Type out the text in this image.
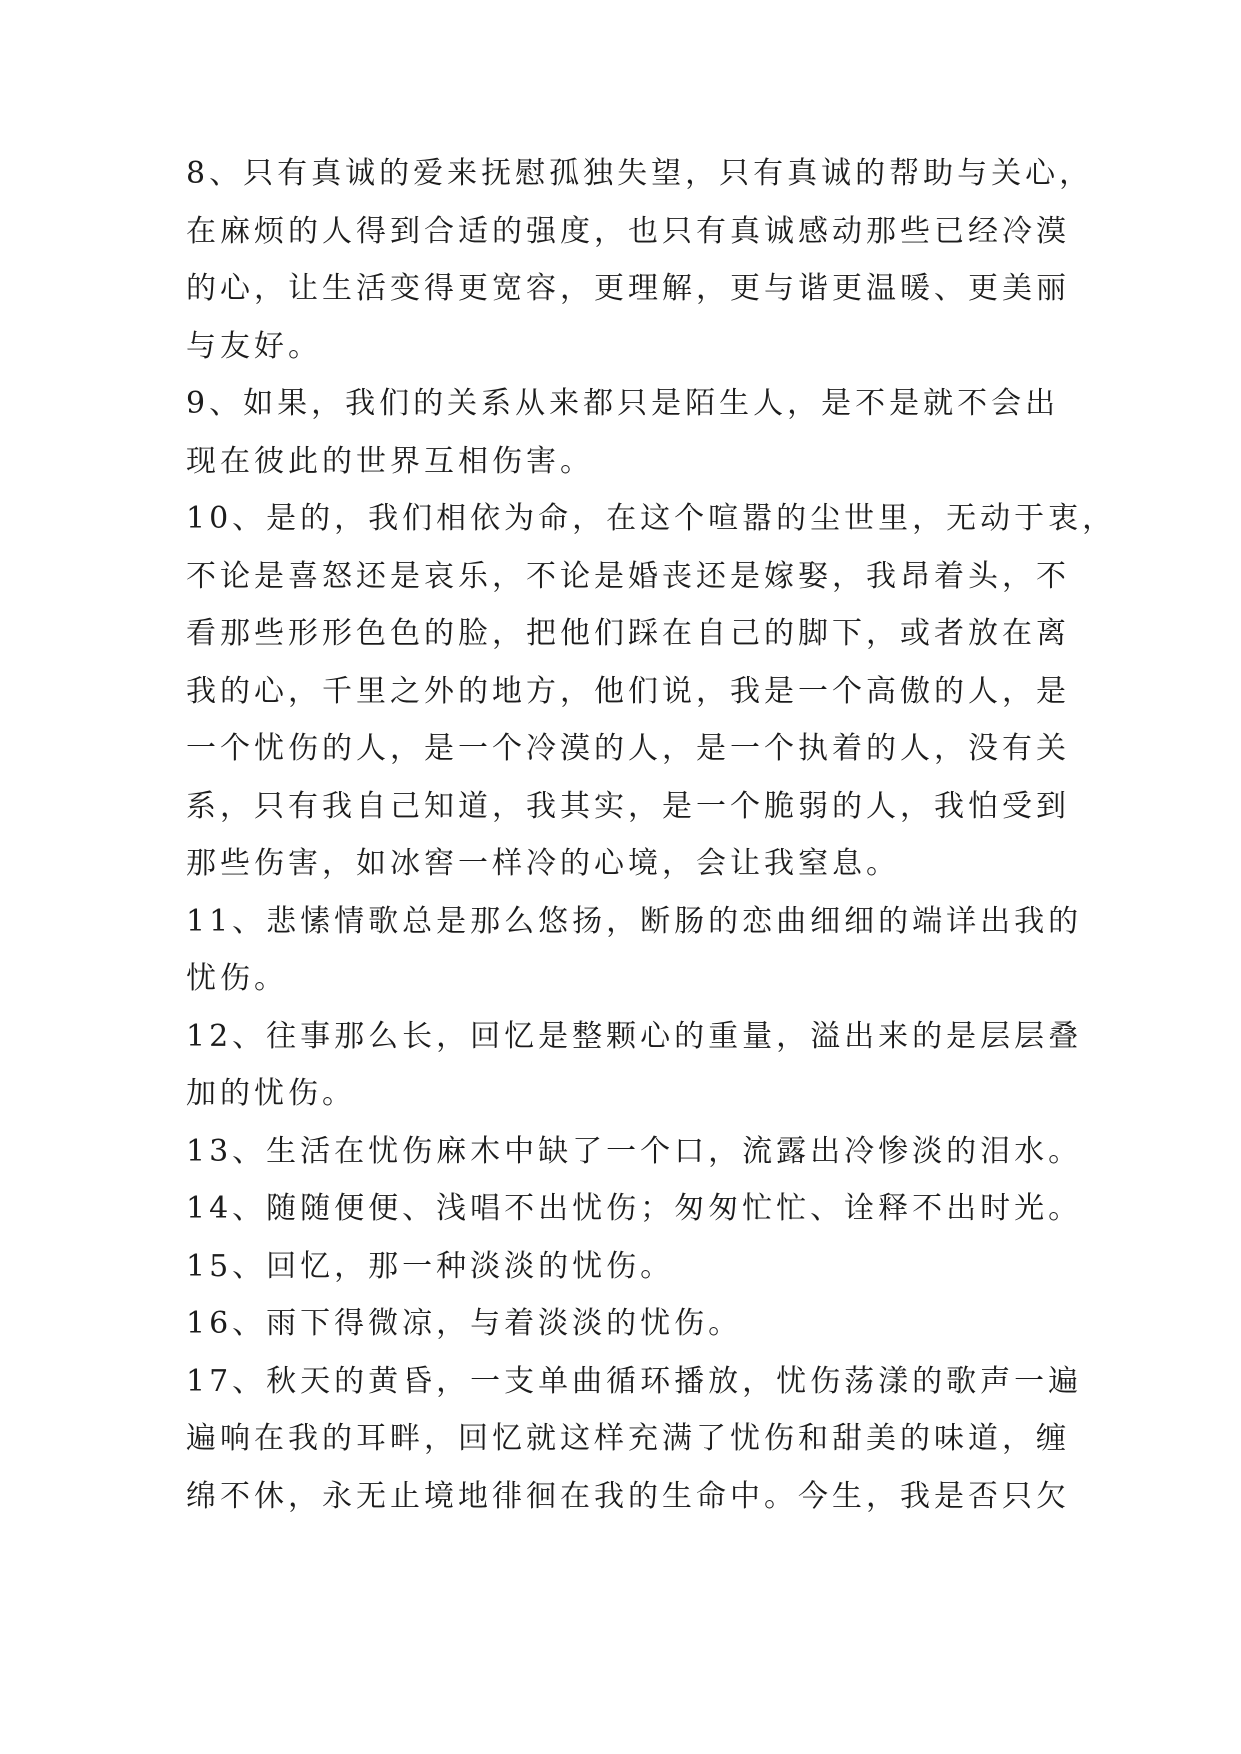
8、只有真诚的爱来抚慰孤独失望，只有真诚的帮助与关心，
在麻烦的人得到合适的强度，也只有真诚感动那些已经冷漠
的心，让生活变得更宽容，更理解，更与谐更温暖、更美丽
与友好。
9、如果，我们的关系从来都只是陌生人，是不是就不会出
现在彼此的世界互相伤害。
10、是的，我们相依为命，在这个喧嚣的尘世里，无动于衷，
不论是喜怒还是哀乐，不论是婚丧还是嫁娶，我昂着头，不
看那些形形色色的脸，把他们踩在自己的脚下，或者放在离
我的心，千里之外的地方，他们说，我是一个高傲的人，是
一个忧伤的人，是一个冷漠的人，是一个执着的人，没有关
系，只有我自己知道，我其实，是一个脆弱的人，我怕受到
那些伤害，如冰窖一样冷的心境，会让我窒息。
11、悲愫情歌总是那么悠扬，断肠的恋曲细细的端详出我的
忧伤。
12、往事那么长，回忆是整颗心的重量，溢出来的是层层叠
加的忧伤。
13、生活在忧伤麻木中缺了一个口，流露出冷惨淡的泪水。
14、随随便便、浅唱不出忧伤；匆匆忙忙、诠释不出时光。
15、回忆，那一种淡淡的忧伤。
16、雨下得微凉，与着淡淡的忧伤。
17、秋天的黄昏，一支单曲循环播放，忧伤荡漾的歌声一遍
遍响在我的耳畔，回忆就这样充满了忧伤和甜美的味道，缠
绵不休，永无止境地徘徊在我的生命中。今生，我是否只欠
